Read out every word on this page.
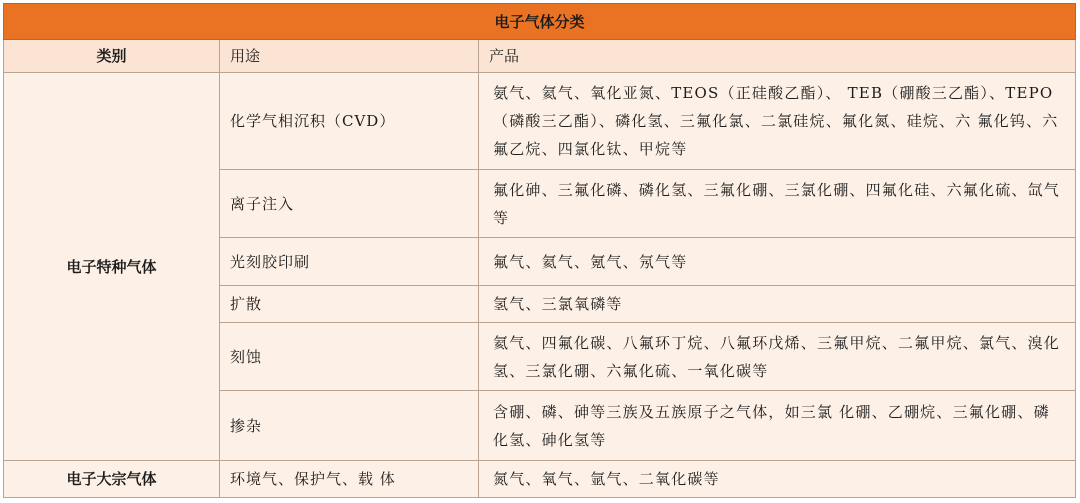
电子气体分类		
类别	用途	产品
电子特种气体	化学气相沉积（CVD）	氨气、氦气、氧化亚氮、TEOS（正硅酸乙酯）、 TEB（硼酸三乙酯）、TEPO（磷酸三乙酯）、磷化氢、三氟化氯、二氯硅烷、氟化氮、硅烷、六 氟化钨、六氟乙烷、四氯化钛、甲烷等
	离子注入	氟化砷、三氟化磷、磷化氢、三氟化硼、三氯化硼、四氟化硅、六氟化硫、氙气等
	光刻胶印刷	氟气、氦气、氪气、氖气等
	扩散	氢气、三氯氧磷等
	刻蚀	氦气、四氟化碳、八氟环丁烷、八氟环戊烯、三氟甲烷、二氟甲烷、氯气、溴化氢、三氯化硼、六氟化硫、一氧化碳等
	掺杂	含硼、磷、砷等三族及五族原子之气体，如三氯 化硼、乙硼烷、三氟化硼、磷化氢、砷化氢等
电子大宗气体	环境气、保护气、载 体	氮气、氧气、氩气、二氧化碳等
